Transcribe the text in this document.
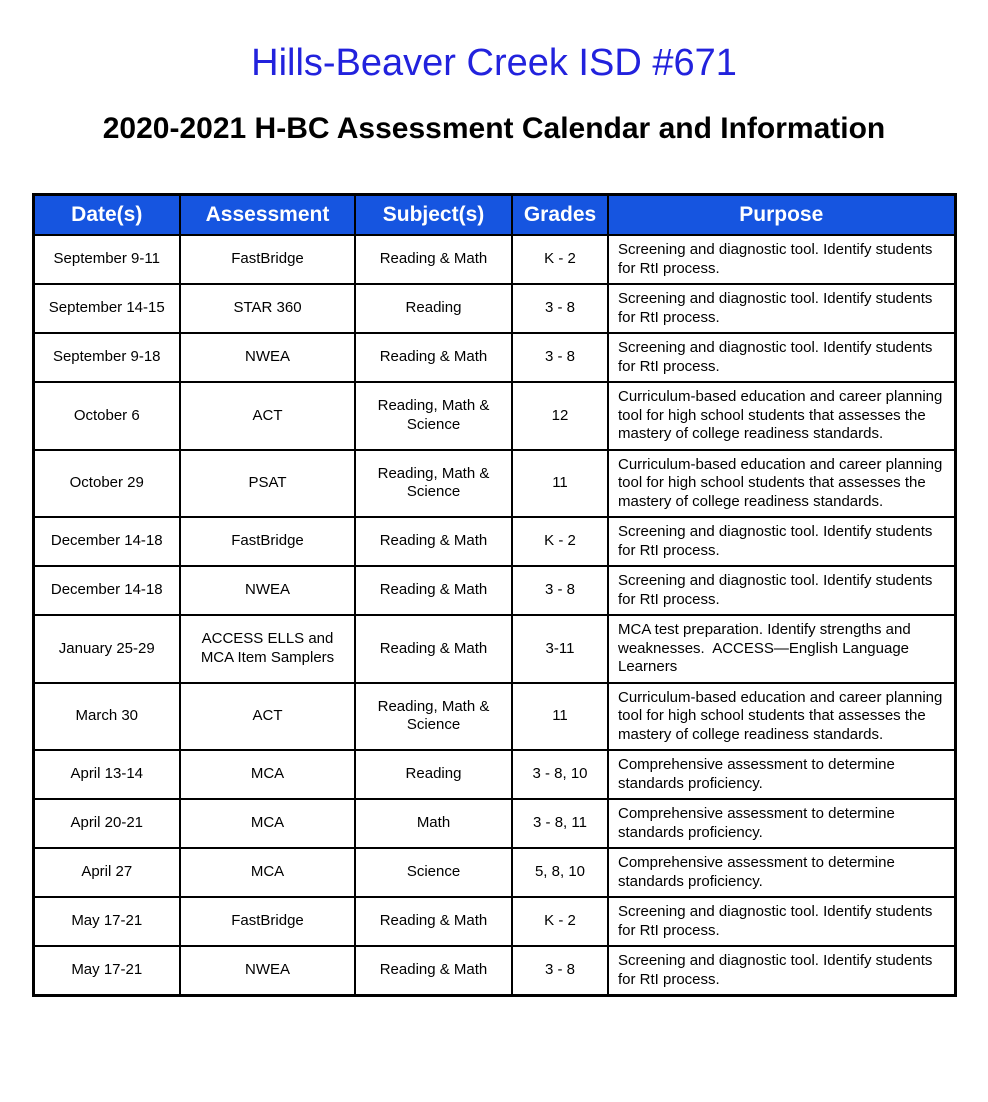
Hills-Beaver Creek ISD #671
2020-2021 H-BC Assessment Calendar and Information
Date(s)	Assessment	Subject(s)	Grades	Purpose
September 9-11	FastBridge	Reading & Math	K - 2	Screening and diagnostic tool. Identify students for RtI process.
September 14-15	STAR 360	Reading	3 - 8	Screening and diagnostic tool. Identify students for RtI process.
September 9-18	NWEA	Reading & Math	3 - 8	Screening and diagnostic tool. Identify students for RtI process.
October 6	ACT	Reading, Math & Science	12	Curriculum-based education and career planning tool for high school students that assesses the mastery of college readiness standards.
October 29	PSAT	Reading, Math & Science	11	Curriculum-based education and career planning tool for high school students that assesses the mastery of college readiness standards.
December 14-18	FastBridge	Reading & Math	K - 2	Screening and diagnostic tool. Identify students for RtI process.
December 14-18	NWEA	Reading & Math	3 - 8	Screening and diagnostic tool. Identify students for RtI process.
January 25-29	ACCESS ELLS and MCA Item Samplers	Reading & Math	3-11	MCA test preparation. Identify strengths and weaknesses.  ACCESS—English Language Learners
March 30	ACT	Reading, Math & Science	11	Curriculum-based education and career planning tool for high school students that assesses the mastery of college readiness standards.
April 13-14	MCA	Reading	3 - 8, 10	Comprehensive assessment to determine standards proficiency.
April 20-21	MCA	Math	3 - 8, 11	Comprehensive assessment to determine standards proficiency.
April 27	MCA	Science	5, 8, 10	Comprehensive assessment to determine standards proficiency.
May 17-21	FastBridge	Reading & Math	K - 2	Screening and diagnostic tool. Identify students for RtI process.
May 17-21	NWEA	Reading & Math	3 - 8	Screening and diagnostic tool. Identify students for RtI process.
